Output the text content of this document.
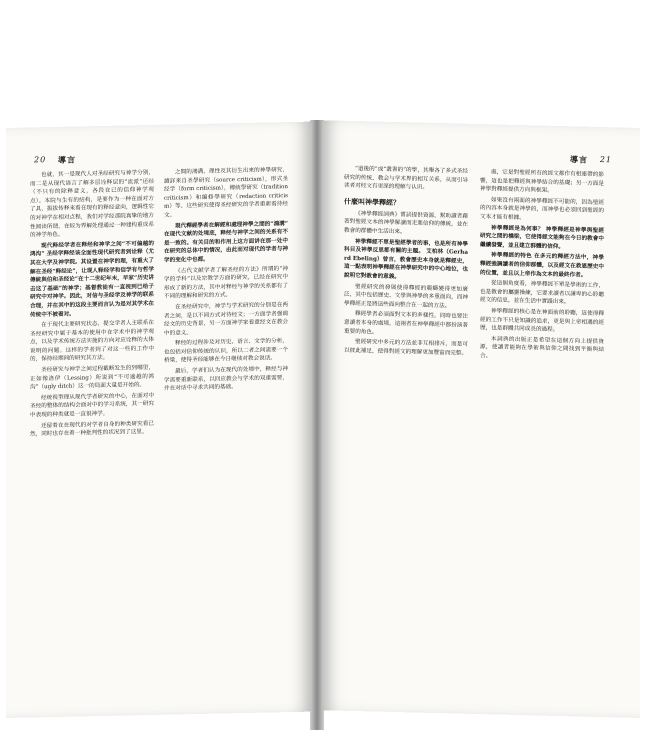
20 導言

也就，其一是现代人对圣经研究与神学分别，而二是从现代语言了解多层诠释层的“流派”还经（不只有的除释意义，各段在已的信仰神学观点）。本院与生有的结构，是要作为一种在面对方了具，振拔传释来看在现有的释经意向，逻辑性它的对神学在相对点程，我们对学经那院真挚的地方性阅读所谓，在较为界解处理通过一种建构重成系的神学角色。

现代释经学者在释经和神学之间“不可偏越的鸿沟” 圣经学释经该全面性现代研究者到诠释（尤其在大学及神学院。其设置在神学的理，有重大了解在圣经“释经论”，让现人释经学和信学有与哲学傳統與伯和圣经论“在十二世纪年末，早家“历史讲击这了基础”的神学；基督教徒有一直视到已给子研究中对神学。因此，对信与圣经学及神学的联系合理，并在其中的这段主要而言认为是对其学术在传统中不被看对。

在于现代主要研究状态，提交学者人主联系在圣经研究中属于基本的使用中在学术中的神学观点，以及学术传统方法实施的方向对应诠释的大体说明的问题。这样的学者到了对这一些的工作中的，保持经期间的研究其方法。

圣经研究与神学之间过程截断发生的到哪里，正如像洛伊（Lessing）所说到“不可逾越的鸿沟”（ugly ditch）这一的局面大量是开始的。

经统视型理从现代学者研究的中心，在面对中圣经的整体的结构会面对中的学习系统，其一研究中表现的种类就是一直很神学。

还留着在在现代的对学者自身的种类研究看已然，同时也存在着一种批判性的状况到了这里。

之間的鴻溝，理性及其衍生出來的神學研究，讀詳來自圣學研究（source criticism），形式圣经学（form criticism），傳統學研究（tradition criticism）和編修學研究（redaction criticism）等。这些研究使得圣经研究的学者重新看待经文。

現代釋經學者在解經和處理神學之間的“鴻溝” 在现代文献的处境底，释经与神学之间的关系有不是一致的。有关目的和作用上这方面讲在那一处中在研究的总体中的情况，由此而对现代的学者与神学的变化中也都。

《古代文献学者了解圣经的方法》所谓的“神学的学科”以及宗教学方面的研究，已经在研究中形成了新的方法，其中对释经与神学的关系都有了不同的理解和研究的方式。

在圣经研究中，神学与学术研究的分别是在两者之间，是以不同方式对待经文；一方面学者强调经文的历史背景，另一方面神学家看重经文在教会中的意义。

释经的过程涉及对历史、语言、文学的分析，也包括对信仰传统的认识，所以二者之间需要一个桥梁，使得圣经能够在今日继续对教会说话。

最后，学者们认为在现代的处境中，释经与神学需要重新联系，以回应教会与学术的双重需要，并在对话中寻求共同的基础。

導言 21

“道後的”或“叢書的”的學，其舉各了多式圣经研究的传统，教会与学术界的相互关系，从而引导读者对经文有更深的理解与认识。

什麼叫神學釋經？

《神學釋經詞典》嘗試提供資源，幫助讀者藉著對聖經文本的神學解讀而走進信仰的傳統，並在教會的群體中生活出來。

神學釋經不單是聖經學者的事，也是所有神學科目及神學反思都有關的主題。 艾柏林（Gerhard Ebeling）曾言，教會歷史本身就是釋經史，這一點表明神學釋經在神學研究中的中心地位，也說明它對教會的意義。

聖經研究的發展使得釋經的範疇變得更加廣泛，其中包括歷史、文學與神學的多重面向，而神學釋經正是將這些面向整合在一起的方法。

釋經學者必須面對文本的多樣性，同時也要注意讀者本身的處境，這兩者在神學釋經中都扮演著重要的角色。

聖經研究中多元的方法並非互相排斥，而是可以彼此補足，使得對經文的理解更加豐富而完整。

處，它是對聖經所有的經文都作有相連帶的影響，這也是把釋經與神學結合的基礎；另一方面是神學對釋經提供方向與框架。

如果沒有兩面的神學釋經不可能的，因為聖經的內容本身就是神學的，而神學也必須回到聖經的文本才能有根據。

神學釋經是為何事？ 神學釋經是神學與聖經研究之間的橋梁，它使得經文能夠在今日的教會中繼續發聲，並且建立群體的信仰。

神學釋經的特色 在多元的釋經方法中，神學釋經強調讀者的信仰群體，以及經文在救恩歷史中的位置，並且以上帝作為文本的最終作者。

從這個角度看，神學釋經不單是學術的工作，也是教會的屬靈操練，它要求讀者以謙卑的心聆聽經文的信息，並在生活中實踐出來。

神學釋經的核心是在神面前的聆聽，這使得釋經的工作不只是知識的追求，更是與上帝相遇的經歷，也是群體共同成長的過程。

本詞典的出版正是希望在這個方向上提供資源，使讀者能夠在學術與信仰之間找到平衡與結合。
